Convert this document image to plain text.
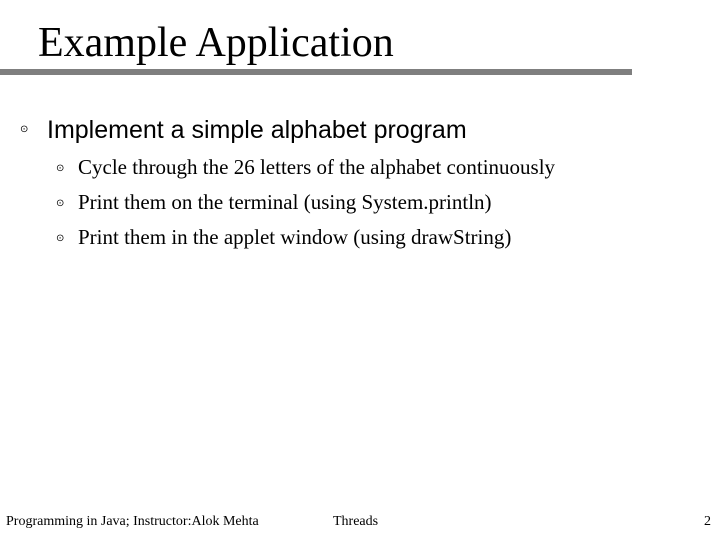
Example Application
⊙ Implement a simple alphabet program
⊙ Cycle through the 26 letters of the alphabet continuously
⊙ Print them on the terminal (using System.println)
⊙ Print them in the applet window (using drawString)
Programming in Java; Instructor:Alok Mehta	Threads	2
